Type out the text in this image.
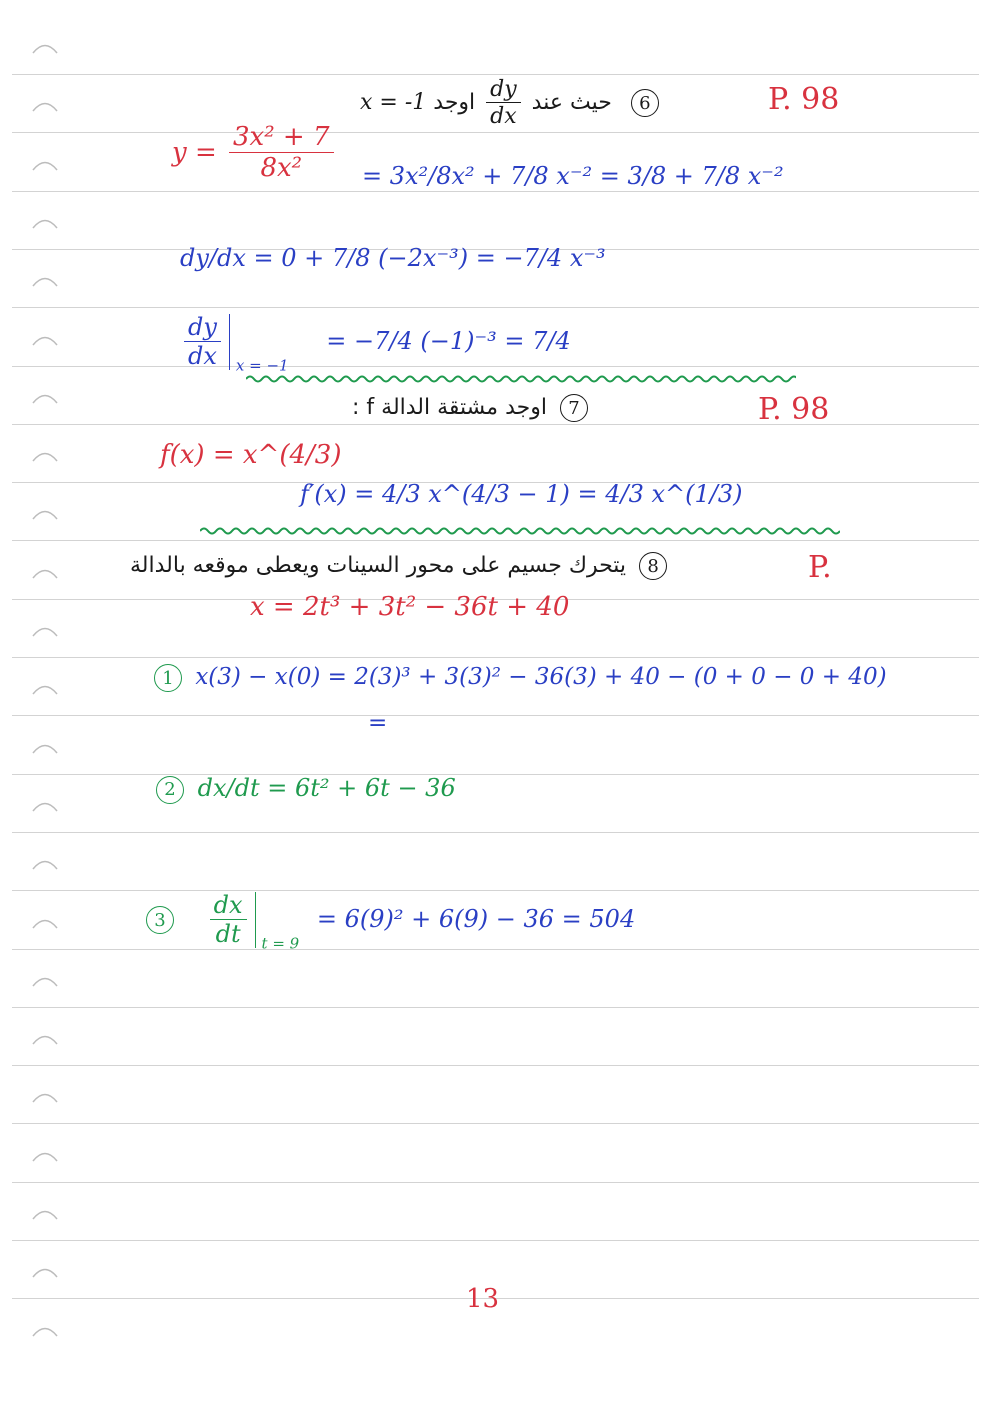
P. 98
x = -1	حيث عند
$\frac{dy}{dx}$
اوجد	6
$y = \frac{\text{3x² + 7}}{\text{8x²}} = 3x^2/8x^2 + 7/8$ x⁻² = 3/8 + 7/8 x⁻²
dy/dx = 0 + 7/8 (−2x⁻³) = −7/4 x⁻³
$\frac{dy}{dx} _{x = -1} = -7/4$ (−1)⁻³ = 7/4
P. 98
اوجد مشتقة الدالة f : 7
f(x) = x^(4/3)
f′(x) = 4/3 x^(4/3 − 1) = 4/3 x^(1/3)
P.
يتحرك جسيم على محور السينات ويعطى موقعه بالدالة 8
x = 2t³ + 3t² − 36t + 40
1 x(3) − x(0) = 2(3)³ + 3(3)² − 36(3) + 40 − (0 + 0 − 0 + 40)
=
2 dx/dt = 6t² + 6t − 36
$3 \frac{dx}{dt} _{t = 9} = 6(9)^2 + 6(9) - 36 = 504$
13
